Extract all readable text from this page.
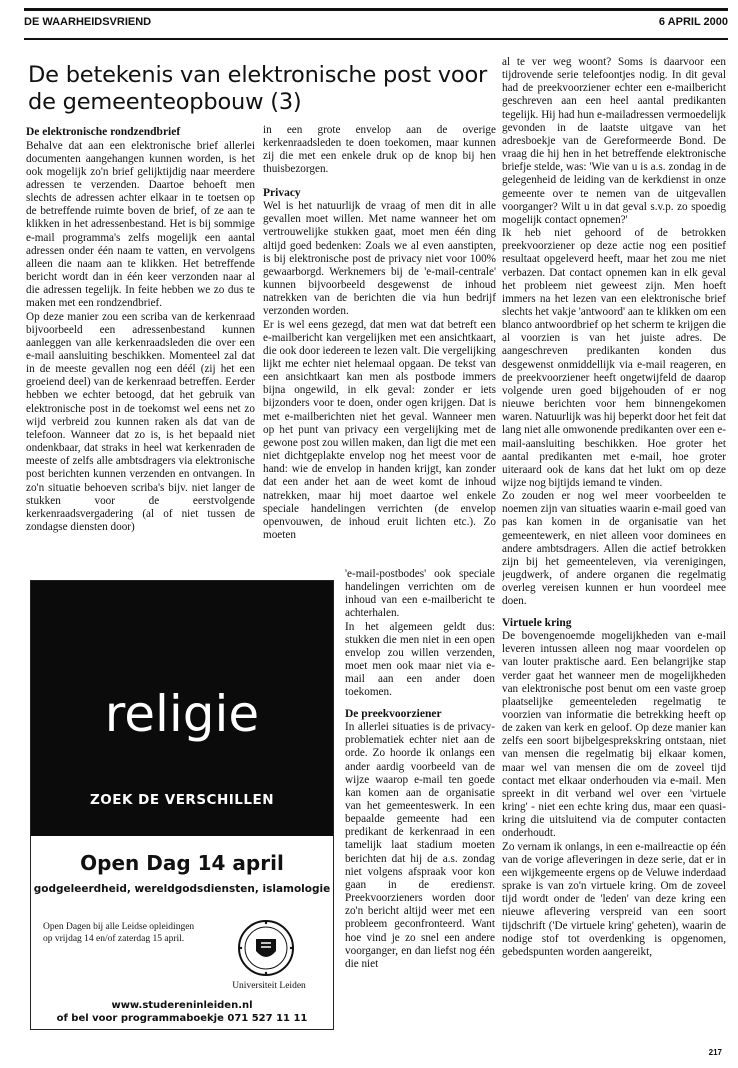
DE WAARHEIDSVRIEND	6 APRIL 2000
De betekenis van elektronische post voor de gemeenteopbouw (3)
De elektronische rondzendbrief

Behalve dat aan een elektronische brief allerlei documenten aangehangen kunnen worden, is het ook mogelijk zo'n brief gelijktijdig naar meerdere adressen te verzenden. Daartoe behoeft men slechts de adressen achter elkaar in te toetsen op de betreffende ruimte boven de brief, of ze aan te klikken in het adressenbestand. Het is bij sommige e-mail programma's zelfs mogelijk een aantal adressen onder één naam te vatten, en vervolgens alleen die naam aan te klikken. Het betreffende bericht wordt dan in één keer verzonden naar al die adressen tegelijk. In feite hebben we zo dus te maken met een rondzendbrief.

Op deze manier zou een scriba van de kerkenraad bijvoorbeeld een adressenbestand kunnen aanleggen van alle kerkenraadsleden die over een e-mail aansluiting beschikken. Momenteel zal dat in de meeste gevallen nog een déél (zij het een groeiend deel) van de kerkenraad betreffen. Eerder hebben we echter betoogd, dat het gebruik van elektronische post in de toekomst wel eens net zo wijd verbreid zou kunnen raken als dat van de telefoon. Wanneer dat zo is, is het bepaald niet ondenkbaar, dat straks in heel wat kerkenraden de meeste of zelfs alle ambtsdragers via elektronische post berichten kunnen verzenden en ontvangen. In zo'n situatie behoeven scriba's bijv. niet langer de stukken voor de eerstvolgende kerkenraadsvergadering (al of niet tussen de zondagse diensten door)

in een grote envelop aan de overige kerkenraadsleden te doen toekomen, maar kunnen zij die met een enkele druk op de knop bij hen thuisbezorgen.

Privacy

Wel is het natuurlijk de vraag of men dit in alle gevallen moet willen. Met name wanneer het om vertrouwelijke stukken gaat, moet men één ding altijd goed bedenken: Zoals we al even aanstipten, is bij elektronische post de privacy niet voor 100% gewaarborgd. Werknemers bij de 'e-mail-centrale' kunnen bijvoorbeeld desgewenst de inhoud natrekken van de berichten die via hun bedrijf verzonden worden.

Er is wel eens gezegd, dat men wat dat betreft een e-mailbericht kan vergelijken met een ansichtkaart, die ook door iedereen te lezen valt. Die vergelijking lijkt me echter niet helemaal opgaan. De tekst van een ansichtkaart kan men als postbode immers bijna ongewild, in elk geval: zonder er iets bijzonders voor te doen, onder ogen krijgen. Dat is met e-mailberichten niet het geval. Wanneer men op het punt van privacy een vergelijking met de gewone post zou willen maken, dan ligt die met een niet dichtgeplakte envelop nog het meest voor de hand: wie de envelop in handen krijgt, kan zonder dat een ander het aan de weet komt de inhoud natrekken, maar hij moet daartoe wel enkele speciale handelingen verrichten (de envelop openvouwen, de inhoud eruit lichten etc.). Zo moeten

'e-mail-postbodes' ook speciale handelingen verrichten om de inhoud van een e-mailbericht te achterhalen.

In het algemeen geldt dus: stukken die men niet in een open envelop zou willen verzenden, moet men ook maar niet via e-mail aan een ander doen toekomen.

De preekvoorziener

In allerlei situaties is de privacy-problematiek echter niet aan de orde. Zo hoorde ik onlangs een ander aardig voorbeeld van de wijze waarop e-mail ten goede kan komen aan de organisatie van het gemeenteswerk. In een bepaalde gemeente had een predikant de kerkenraad in een tamelijk laat stadium moeten berichten dat hij de a.s. zondag niet volgens afspraak voor kon gaan in de erediensт. Preekvoorzieners worden door zo'n bericht altijd weer met een probleem geconfronteerd. Want hoe vind je zo snel een andere voorganger, en dan liefst nog één die niet

al te ver weg woont? Soms is daarvoor een tijdrovende serie telefoontjes nodig. In dit geval had de preekvoorziener echter een e-mailbericht geschreven aan een heel aantal predikanten tegelijk. Hij had hun e-mailadressen vermoedelijk gevonden in de laatste uitgave van het adresboekje van de Gereformeerde Bond. De vraag die hij hen in het betreffende elektronische briefje stelde, was: 'Wie van u is a.s. zondag in de gelegenheid de leiding van de kerkdienst in onze gemeente over te nemen van de uitgevallen voorganger? Wilt u in dat geval s.v.p. zo spoedig mogelijk contact opnemen?'

Ik heb niet gehoord of de betrokken preekvoorziener op deze actie nog een positief resultaat opgeleverd heeft, maar het zou me niet verbazen. Dat contact opnemen kan in elk geval het probleem niet geweest zijn. Men hoeft immers na het lezen van een elektronische brief slechts het vakje 'antwoord' aan te klikken om een blanco antwoordbrief op het scherm te krijgen die al voorzien is van het juiste adres. De aangeschreven predikanten konden dus desgewenst onmiddellijk via e-mail reageren, en de preekvoorziener heeft ongetwijfeld de daarop volgende uren goed bijgehouden of er nog nieuwe berichten voor hem binnengekomen waren. Natuurlijk was hij beperkt door het feit dat lang niet alle omwonende predikanten over een e-mail-aansluiting beschikken. Hoe groter het aantal predikanten met e-mail, hoe groter uiteraard ook de kans dat het lukt om op deze wijze nog bijtijds iemand te vinden.

Zo zouden er nog wel meer voorbeelden te noemen zijn van situaties waarin e-mail goed van pas kan komen in de organisatie van het gemeentewerk, en niet alleen voor dominees en andere ambtsdragers. Allen die actief betrokken zijn bij het gemeenteleven, via verenigingen, jeugdwerk, of andere organen die regelmatig overleg vereisen kunnen er hun voordeel mee doen.

Virtuele kring

De bovengenoemde mogelijkheden van e-mail leveren intussen alleen nog maar voordelen op van louter praktische aard. Een belangrijke stap verder gaat het wanneer men de mogelijkheden van elektronische post benut om een vaste groep plaatselijke gemeenteleden regelmatig te voorzien van informatie die betrekking heeft op de zaken van kerk en geloof. Op deze manier kan zelfs een soort bijbelgesprekskring ontstaan, niet van mensen die regelmatig bij elkaar komen, maar wel van mensen die om de zoveel tijd contact met elkaar onderhouden via e-mail. Men spreekt in dit verband wel over een 'virtuele kring' - niet een echte kring dus, maar een quasi-kring die uitsluitend via de computer contacten onderhoudt.

Zo vernam ik onlangs, in een e-mailreactie op één van de vorige afleveringen in deze serie, dat er in een wijkgemeente ergens op de Veluwe inderdaad sprake is van zo'n virtuele kring. Om de zoveel tijd wordt onder de 'leden' van deze kring een nieuwe aflevering verspreid van een soort tijdschrift ('De virtuele kring' geheten), waarin de nodige stof tot overdenking is opgenomen, gebedspunten worden aangereikt,

religie
ZOEK DE VERSCHILLEN
Open Dag 14 april
godgeleerdheid, wereldgodsdiensten, islamologie
Open Dagen bij alle Leidse opleidingen op vrijdag 14 en/of zaterdag 15 april.
Universiteit Leiden
www.studereninleiden.nl
of bel voor programmaboekje 071 527 11 11
217
